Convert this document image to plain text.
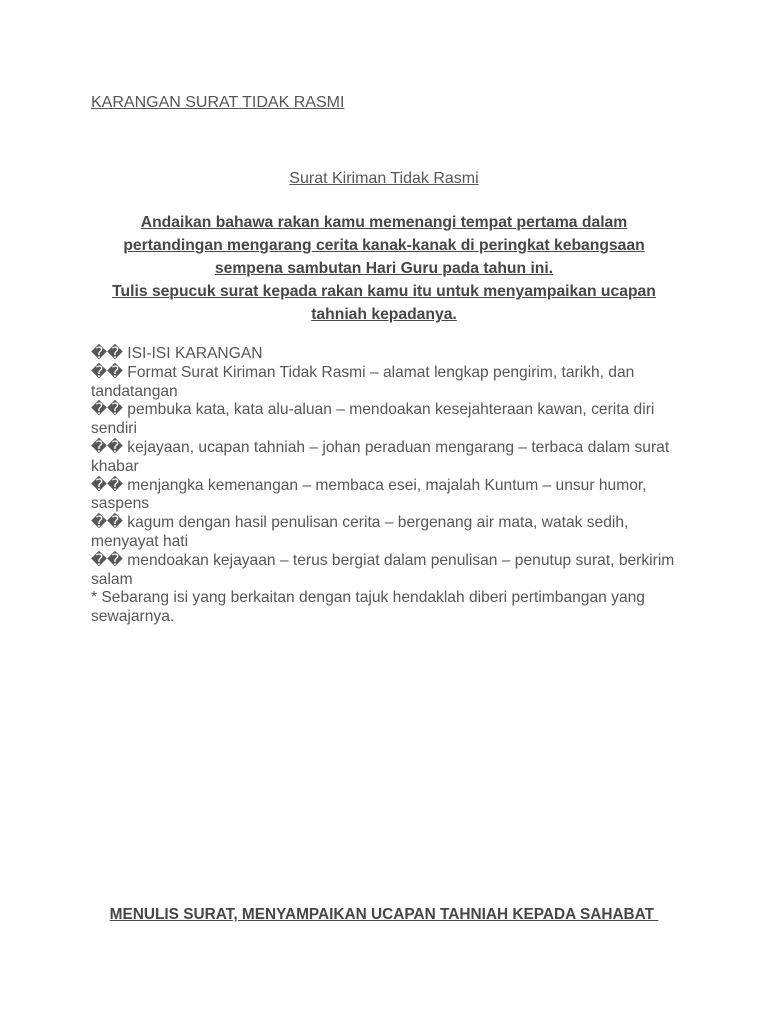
KARANGAN SURAT TIDAK RASMI
Surat Kiriman Tidak Rasmi
Andaikan bahawa rakan kamu memenangi tempat pertama dalam
pertandingan mengarang cerita kanak-kanak di peringkat kebangsaan
sempena sambutan Hari Guru pada tahun ini.
Tulis sepucuk surat kepada rakan kamu itu untuk menyampaikan ucapan
tahniah kepadanya.
�� ISI-ISI KARANGAN
�� Format Surat Kiriman Tidak Rasmi – alamat lengkap pengirim, tarikh, dan tandatangan
�� pembuka kata, kata alu-aluan – mendoakan kesejahteraan kawan, cerita diri sendiri
�� kejayaan, ucapan tahniah – johan peraduan mengarang – terbaca dalam surat khabar
�� menjangka kemenangan – membaca esei, majalah Kuntum – unsur humor, saspens
�� kagum dengan hasil penulisan cerita – bergenang air mata, watak sedih, menyayat hati
�� mendoakan kejayaan – terus bergiat dalam penulisan – penutup surat, berkirim salam
* Sebarang isi yang berkaitan dengan tajuk hendaklah diberi pertimbangan yang sewajarnya.
MENULIS SURAT, MENYAMPAIKAN UCAPAN TAHNIAH KEPADA SAHABAT
